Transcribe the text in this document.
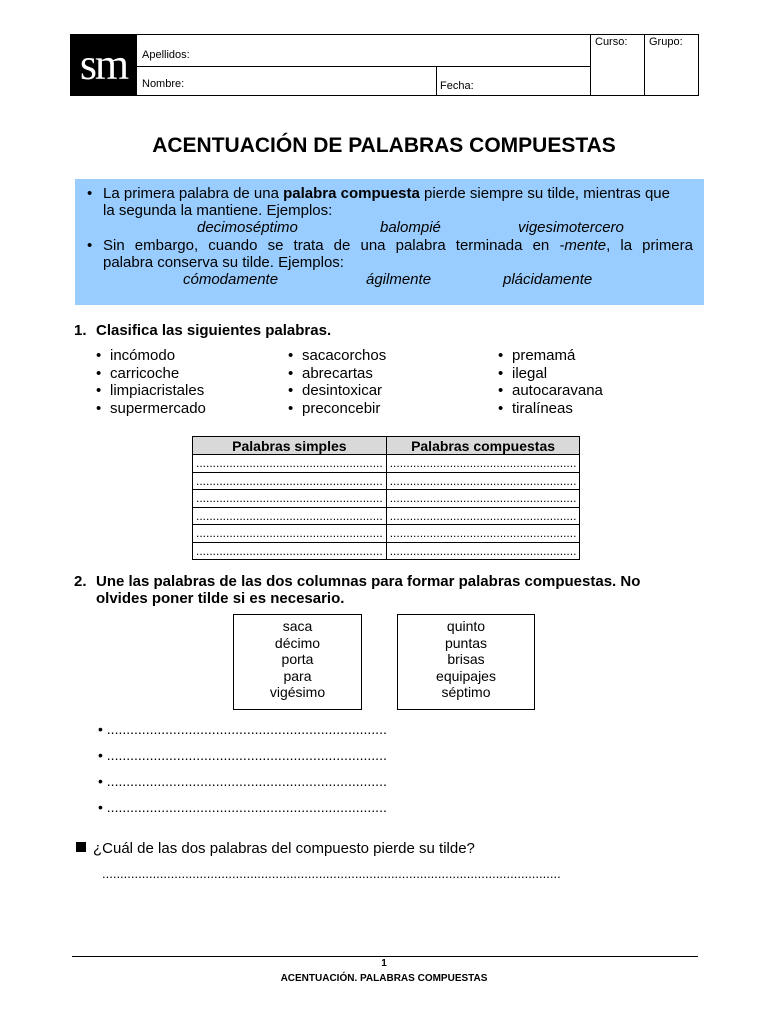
sm	Apellidos:
Nombre:	Fecha:
Curso: Grupo:
ACENTUACIÓN DE PALABRAS COMPUESTAS
• La primera palabra de una palabra compuesta pierde siempre su tilde, mientras que
la segunda la mantiene. Ejemplos:
decimoséptimo	balompié	vigesimotercero
• Sin embargo, cuando se trata de una palabra terminada en -mente, la primera
palabra conserva su tilde. Ejemplos:
cómodamente	ágilmente	plácidamente
1. Clasifica las siguientes palabras.
• incómodo
• carricoche
• limpiacristales
• supermercado
• sacacorchos
• abrecartas
• desintoxicar
• preconcebir
• premamá
• ilegal
• autocaravana
• tiralíneas
Palabras simples	Palabras compuestas
........................................................	........................................................
........................................................	........................................................
........................................................	........................................................
........................................................	........................................................
........................................................	........................................................
........................................................	........................................................
2. Une las palabras de las dos columnas para formar palabras compuestas. No
olvides poner tilde si es necesario.
saca
décimo
porta
para
vigésimo
quinto
puntas
brisas
equipajes
séptimo
• ........................................................................
• ........................................................................
• ........................................................................
• ........................................................................
¿Cuál de las dos palabras del compuesto pierde su tilde?
...............................................................................................................................
1
ACENTUACIÓN. PALABRAS COMPUESTAS
